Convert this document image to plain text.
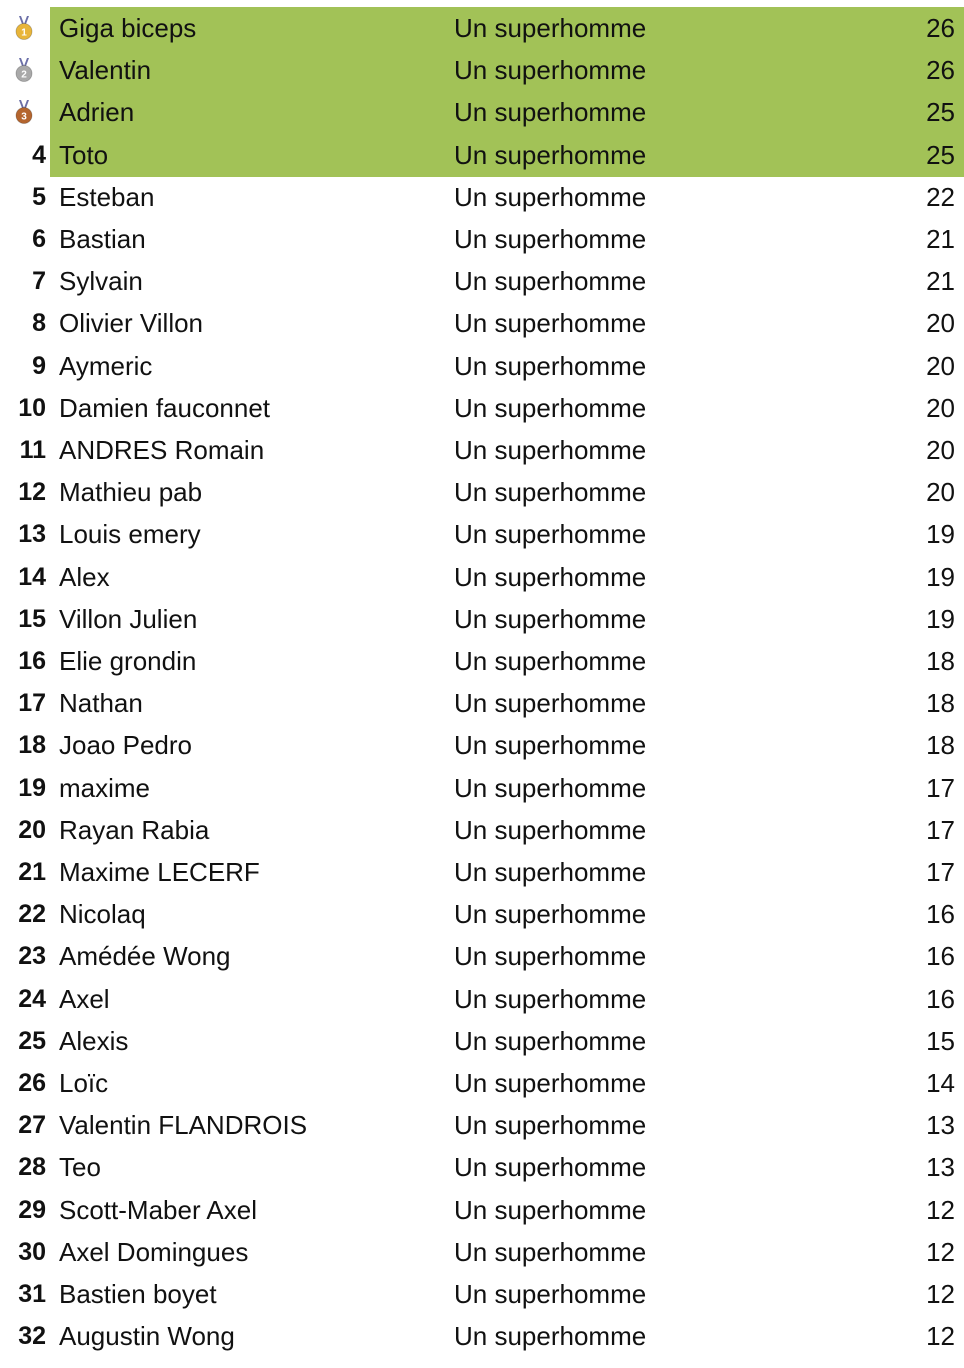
1 Giga biceps	Un superhomme	26
2 Valentin	Un superhomme	26
3 Adrien	Un superhomme	25
4 Toto	Un superhomme	25
5 Esteban	Un superhomme	22
6 Bastian	Un superhomme	21
7 Sylvain	Un superhomme	21
8 Olivier Villon	Un superhomme	20
9 Aymeric	Un superhomme	20
10 Damien fauconnet	Un superhomme	20
11 ANDRES Romain	Un superhomme	20
12 Mathieu pab	Un superhomme	20
13 Louis emery	Un superhomme	19
14 Alex	Un superhomme	19
15 Villon Julien	Un superhomme	19
16 Elie grondin	Un superhomme	18
17 Nathan	Un superhomme	18
18 Joao Pedro	Un superhomme	18
19 maxime	Un superhomme	17
20 Rayan Rabia	Un superhomme	17
21 Maxime LECERF	Un superhomme	17
22 Nicolaq	Un superhomme	16
23 Amédée Wong	Un superhomme	16
24 Axel	Un superhomme	16
25 Alexis	Un superhomme	15
26 Loïc	Un superhomme	14
27 Valentin FLANDROIS	Un superhomme	13
28 Teo	Un superhomme	13
29 Scott-Maber Axel	Un superhomme	12
30 Axel Domingues	Un superhomme	12
31 Bastien boyet	Un superhomme	12
32 Augustin Wong	Un superhomme	12
